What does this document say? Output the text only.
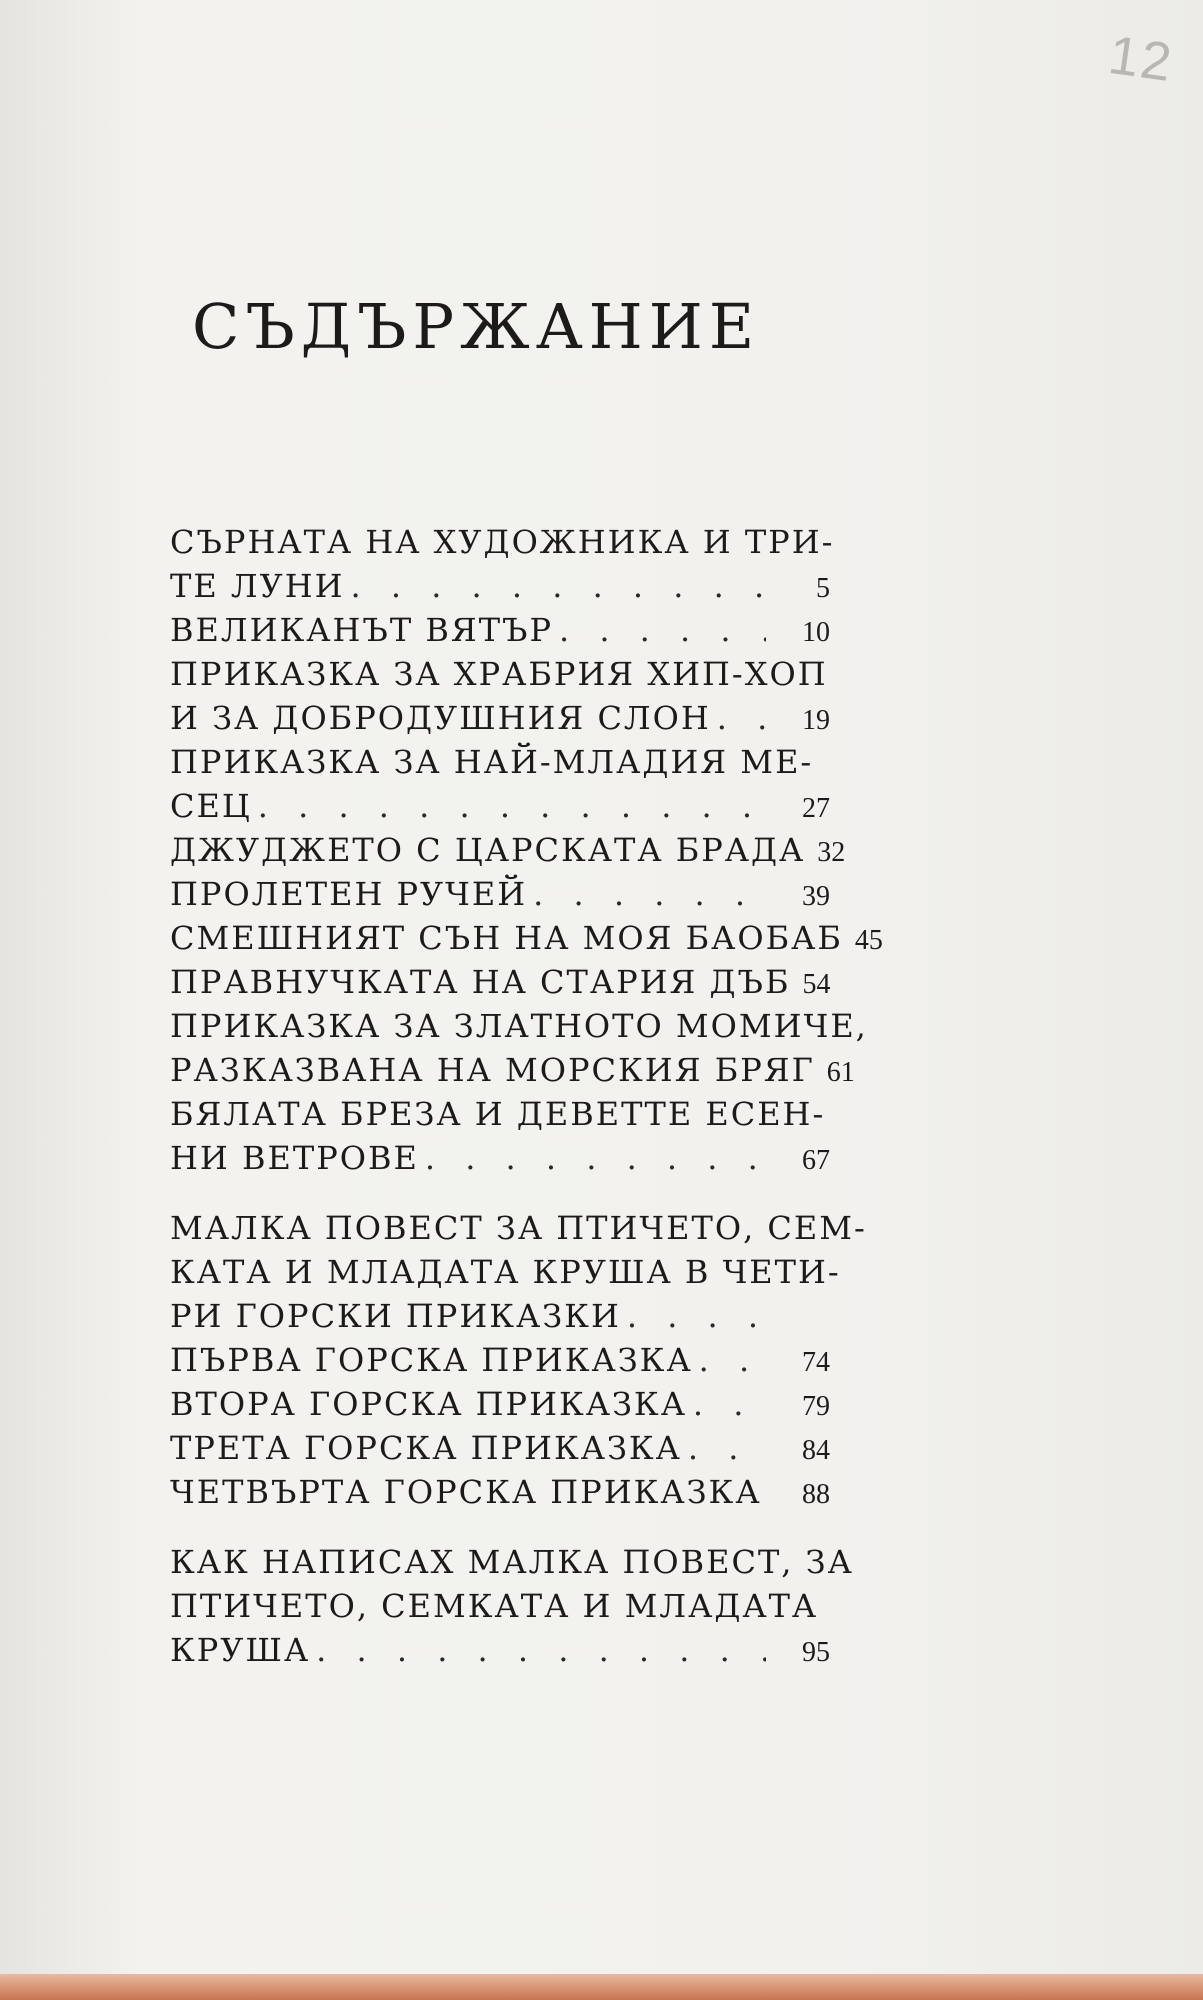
12
СЪДЪРЖАНИЕ
СЪРНАТА НА ХУДОЖНИКА И ТРИ-
ТЕ ЛУНИ . . .	5
ВЕЛИКАНЪТ ВЯТЪР . . .	10
ПРИКАЗКА ЗА ХРАБРИЯ ХИП-ХОП
И ЗА ДОБРОДУШНИЯ СЛОН . . .	19
ПРИКАЗКА ЗА НАЙ-МЛАДИЯ МЕ-
СЕЦ . . .	27
ДЖУДЖЕТО С ЦАРСКАТА БРАДА 32
ПРОЛЕТЕН РУЧЕЙ . . .	39
СМЕШНИЯТ СЪН НА МОЯ БАОБАБ 45
ПРАВНУЧКАТА НА СТАРИЯ ДЪБ 54
ПРИКАЗКА ЗА ЗЛАТНОТО МОМИЧЕ,
РАЗКАЗВАНА НА МОРСКИЯ БРЯГ 61
БЯЛАТА БРЕЗА И ДЕВЕТТЕ ЕСЕН-
НИ ВЕТРОВЕ . . .	67
МАЛКА ПОВЕСТ ЗА ПТИЧЕТО, СЕМ-
КАТА И МЛАДАТА КРУША В ЧЕТИ-
РИ ГОРСКИ ПРИКАЗКИ
. . .
ПЪРВА ГОРСКА ПРИКАЗКА . . .	74
ВТОРА ГОРСКА ПРИКАЗКА . . .	79
ТРЕТА ГОРСКА ПРИКАЗКА . . .	84
ЧЕТВЪРТА ГОРСКА ПРИКАЗКА	88
КАК НАПИСАХ МАЛКА ПОВЕСТ, ЗА
ПТИЧЕТО, СЕМКАТА И МЛАДАТА
КРУША . . .	95
